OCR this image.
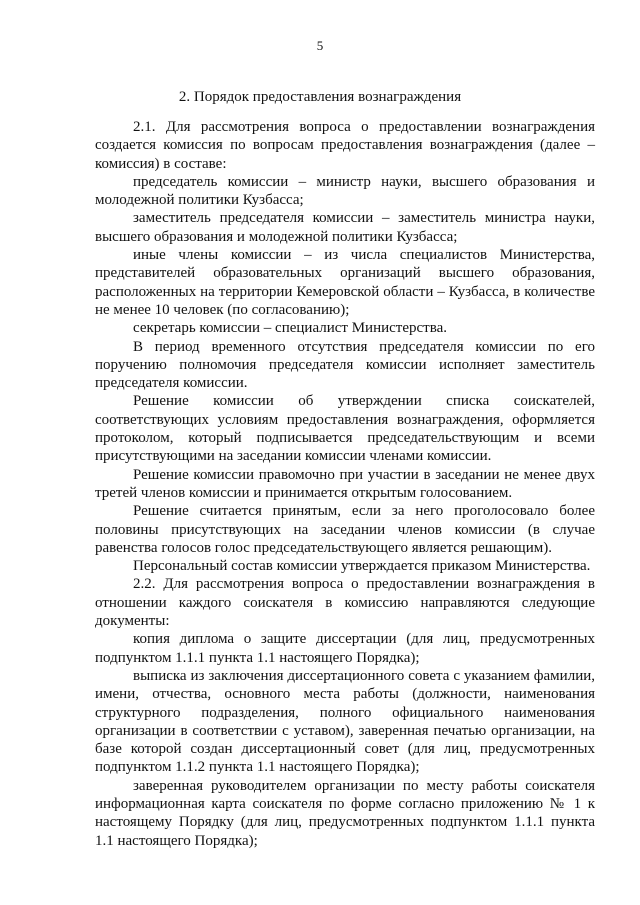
5
2. Порядок предоставления вознаграждения

2.1. Для рассмотрения вопроса о предоставлении вознаграждения создается комиссия по вопросам предоставления вознаграждения (далее – комиссия) в составе:

председатель комиссии – министр науки, высшего образования и молодежной политики Кузбасса;

заместитель председателя комиссии – заместитель министра науки, высшего образования и молодежной политики Кузбасса;

иные члены комиссии – из числа специалистов Министерства, представителей образовательных организаций высшего образования, расположенных на территории Кемеровской области – Кузбасса, в количестве не менее 10 человек (по согласованию);

секретарь комиссии – специалист Министерства.

В период временного отсутствия председателя комиссии по его поручению полномочия председателя комиссии исполняет заместитель председателя комиссии.

Решение комиссии об утверждении списка соискателей, соответствующих условиям предоставления вознаграждения, оформляется протоколом, который подписывается председательствующим и всеми присутствующими на заседании комиссии членами комиссии.

Решение комиссии правомочно при участии в заседании не менее двух третей членов комиссии и принимается открытым голосованием.

Решение считается принятым, если за него проголосовало более половины присутствующих на заседании членов комиссии (в случае равенства голосов голос председательствующего является решающим).

Персональный состав комиссии утверждается приказом Министерства.

2.2. Для рассмотрения вопроса о предоставлении вознаграждения в отношении каждого соискателя в комиссию направляются следующие документы:

копия диплома о защите диссертации (для лиц, предусмотренных подпунктом 1.1.1 пункта 1.1 настоящего Порядка);

выписка из заключения диссертационного совета с указанием фамилии, имени, отчества, основного места работы (должности, наименования структурного подразделения, полного официального наименования организации в соответствии с уставом), заверенная печатью организации, на базе которой создан диссертационный совет (для лиц, предусмотренных подпунктом 1.1.2 пункта 1.1 настоящего Порядка);

заверенная руководителем организации по месту работы соискателя информационная карта соискателя по форме согласно приложению № 1 к настоящему Порядку (для лиц, предусмотренных подпунктом 1.1.1 пункта 1.1 настоящего Порядка);
